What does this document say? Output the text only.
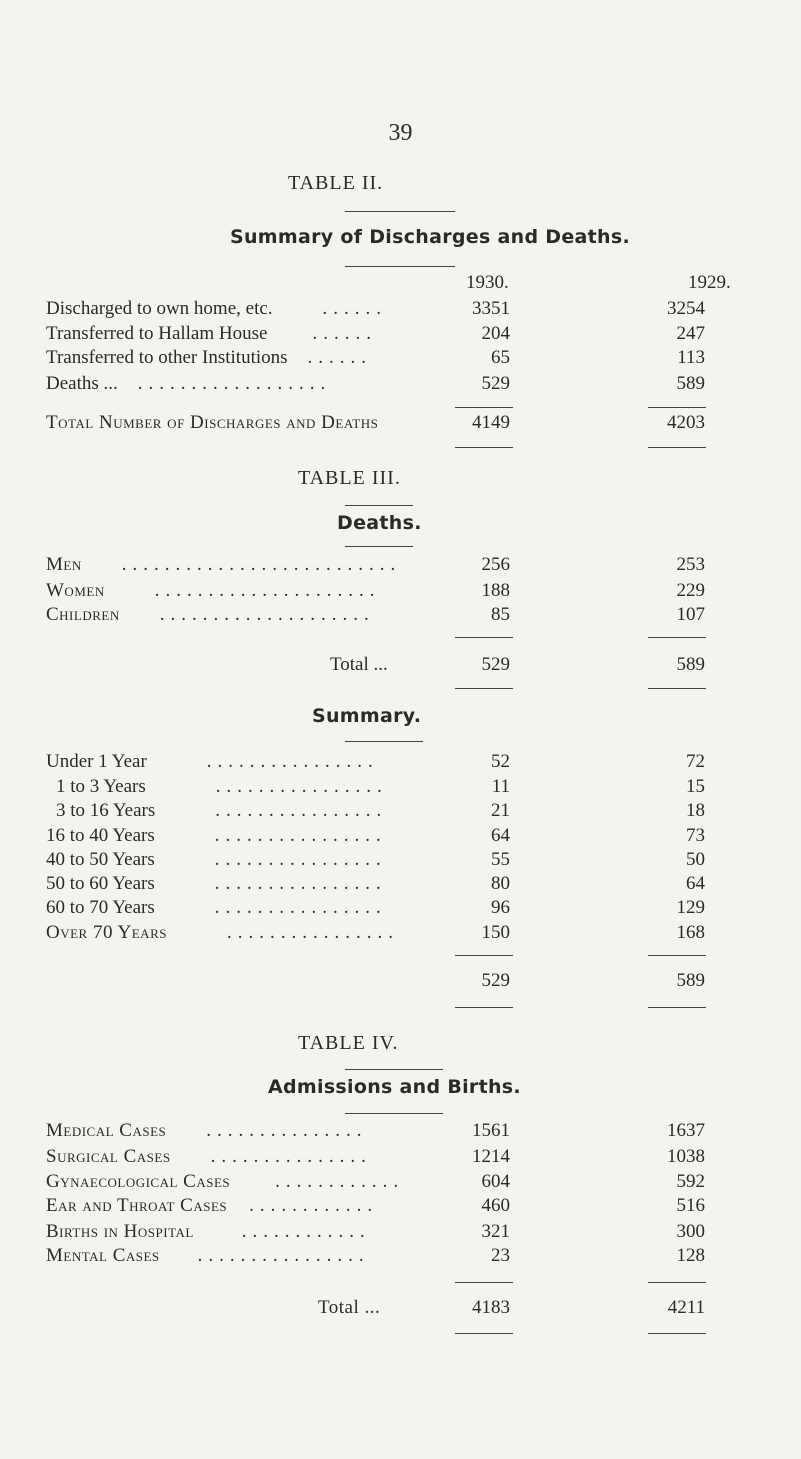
39
TABLE II.
Summary of Discharges and Deaths.
1930.	1929.
Discharged to own home, etc.	......	3351	3254
Transferred to Hallam House ......	204	247
Transferred to other Institutions ......	65	113
Deaths ... ..................	529	589
Total Number of Discharges and Deaths	4149	4203
TABLE III.
Deaths.
Men ..........................	256	253
Women	.....................	188	229
Children ....................	85	107
Total ...	529	589
Summary.
Under 1 Year	................	52	72
1 to 3 Years	................	11	15
3 to 16 Years	................	21	18
16 to 40 Years	................	64	73
40 to 50 Years	................	55	50
50 to 60 Years	................	80	64
60 to 70 Years	................	96	129
Over 70 Years	................	150	168
529	589
TABLE IV.
Admissions and Births.
Medical Cases ...............	1561	1637
Surgical Cases ...............	1214	1038
Gynaecological Cases ............	604	592
Ear and Throat Cases ............	460	516
Births in Hospital	............	321	300
Mental Cases ................	23	128
Total ...	4183	4211
